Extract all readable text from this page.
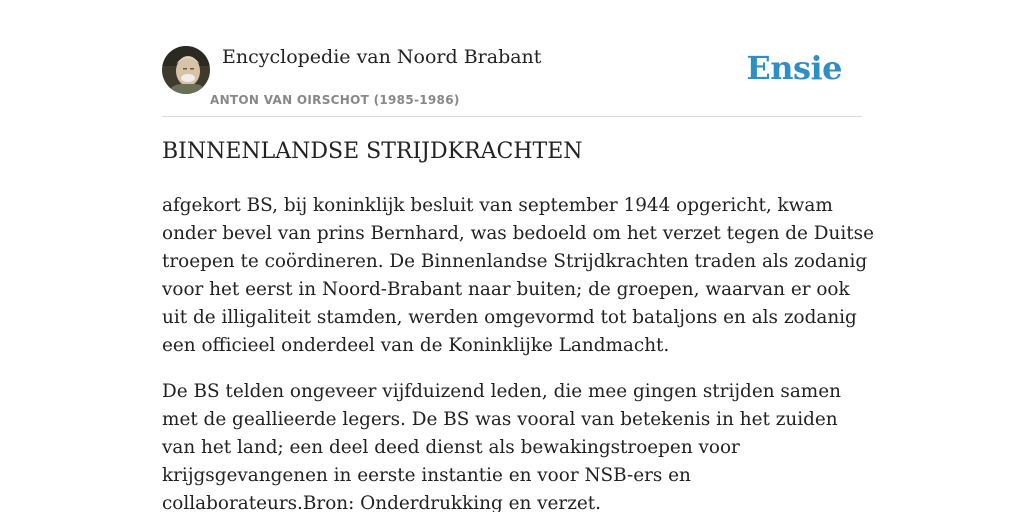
Encyclopedie van Noord Brabant
ANTON VAN OIRSCHOT (1985-1986)
Ensie
BINNENLANDSE STRIJDKRACHTEN

afgekort BS, bij koninklijk besluit van september 1944 opgericht, kwam onder bevel van prins Bernhard, was bedoeld om het verzet tegen de Duitse troepen te coördineren. De Binnenlandse Strijdkrachten traden als zodanig voor het eerst in Noord-Brabant naar buiten; de groepen, waarvan er ook uit de illigaliteit stamden, werden omgevormd tot bataljons en als zodanig een officieel onderdeel van de Koninklijke Landmacht.

De BS telden ongeveer vijfduizend leden, die mee gingen strijden samen met de geallieerde legers. De BS was vooral van betekenis in het zuiden van het land; een deel deed dienst als bewakingstroepen voor krijgsgevangenen in eerste instantie en voor NSB-ers en collaborateurs.Bron: Onderdrukking en verzet.
